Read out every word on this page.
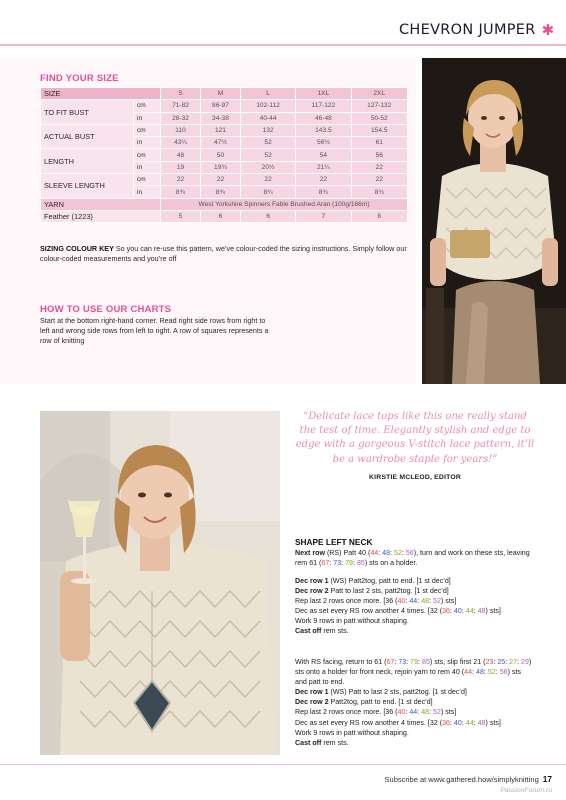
CHEVRON JUMPER ✱
FIND YOUR SIZE
SIZE		S	M	L	1XL	2XL
TO FIT BUST	cm	71-82	86-97	102-112	117-122	127-132
	in	28-32	34-38	40-44	46-48	50-52
ACTUAL BUST	cm	110	121	132	143.5	154.5
	in	43¼	47½	52	56½	61
LENGTH	cm	48	50	52	54	56
	in	19	19¾	20½	21¼	22
SLEEVE LENGTH	cm	22	22	22	22	22
	in	8¾	8¾	8¾	8¾	8¾
YARN		West Yorkshire Spinners Fable Brushed Aran (100g/166m)				
Feather (1223)		5	6	6	7	8
SIZING COLOUR KEY So you can re-use this pattern, we’ve colour-coded the sizing instructions. Simply follow our colour-coded measurements and you’re off
HOW TO USE OUR CHARTS
Start at the bottom right-hand corner. Read right side rows from right to left and wrong side rows from left to right. A row of squares represents a row of knitting
“Delicate lace tops like this one really stand the test of time. Elegantly stylish and edge to edge with a gorgeous V-stitch lace pattern, it’ll be a wardrobe staple for years!”
KIRSTIE MCLEOD, EDITOR
SHAPE LEFT NECK
Next row (RS) Patt 40 (44: 48: 52: 56), turn and work on these sts, leaving rem 61 (67: 73: 79: 85) sts on a holder.
Dec row 1 (WS) Patt2tog, patt to end. [1 st dec’d]
Dec row 2 Patt to last 2 sts, patt2tog. [1 st dec’d]
Rep last 2 rows once more. [36 (40: 44: 48: 52) sts]
Dec as set every RS row another 4 times. [32 (36: 40: 44: 48) sts]
Work 9 rows in patt without shaping.
Cast off rem sts.
With RS facing, return to 61 (67: 73: 79: 85) sts, slip first 21 (23: 25: 27: 29) sts onto a holder for front neck, rejoin yarn to rem 40 (44: 48: 52: 56) sts and patt to end.
Dec row 1 (WS) Patt to last 2 sts, patt2tog. [1 st dec’d]
Dec row 2 Patt2tog, patt to end. [1 st dec’d]
Rep last 2 rows once more. [36 (40: 44: 48: 52) sts]
Dec as set every RS row another 4 times. [32 (36: 40: 44: 48) sts]
Work 9 rows in patt without shaping.
Cast off rem sts.
Subscribe at www.gathered.how/simplyknitting 17
PassionForum.ru
